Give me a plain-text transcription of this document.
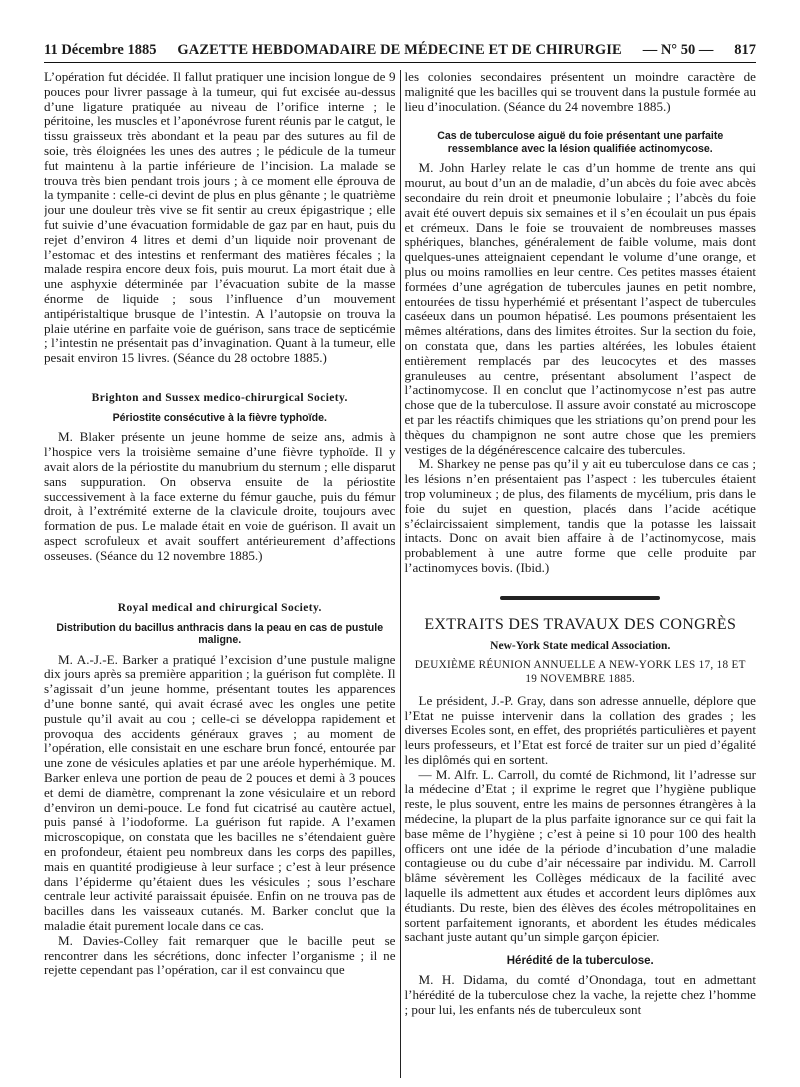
11 Décembre 1885 GAZETTE HEBDOMADAIRE DE MÉDECINE ET DE CHIRURGIE — N° 50 — 817

L’opération fut décidée. Il fallut pratiquer une incision longue de 9 pouces pour livrer passage à la tumeur, qui fut excisée au-dessus d’une ligature pratiquée au niveau de l’orifice interne ; le péritoine, les muscles et l’aponévrose furent réunis par le catgut, le tissu graisseux très abondant et la peau par des sutures au fil de soie, très éloignées les unes des autres ; le pédicule de la tumeur fut maintenu à la partie inférieure de l’incision. La malade se trouva très bien pendant trois jours ; à ce moment elle éprouva de la tympanite : celle-ci devint de plus en plus gênante ; le quatrième jour une douleur très vive se fit sentir au creux épigastrique ; elle fut suivie d’une évacuation formidable de gaz par en haut, puis du rejet d’environ 4 litres et demi d’un liquide noir provenant de l’estomac et des intestins et renfermant des matières fécales ; la malade respira encore deux fois, puis mourut. La mort était due à une asphyxie déterminée par l’évacuation subite de la masse énorme de liquide ; sous l’influence d’un mouvement antipéristaltique brusque de l’intestin. A l’autopsie on trouva la plaie utérine en parfaite voie de guérison, sans trace de septicémie ; l’intestin ne présentait pas d’invagination. Quant à la tumeur, elle pesait environ 15 livres. (Séance du 28 octobre 1885.)

Brighton and Sussex medico-chirurgical Society.
Périostite consécutive à la fièvre typhoïde.

M. Blaker présente un jeune homme de seize ans, admis à l’hospice vers la troisième semaine d’une fièvre typhoïde. Il y avait alors de la périostite du manubrium du sternum ; elle disparut sans suppuration. On observa ensuite de la périostite successivement à la face externe du fémur gauche, puis du fémur droit, à l’extrémité externe de la clavicule droite, toujours avec formation de pus. Le malade était en voie de guérison. Il avait un aspect scrofuleux et avait souffert antérieurement d’affections osseuses. (Séance du 12 novembre 1885.)

Royal medical and chirurgical Society.
Distribution du bacillus anthracis dans la peau en cas de pustule maligne.

M. A.-J.-E. Barker a pratiqué l’excision d’une pustule maligne dix jours après sa première apparition ; la guérison fut complète. Il s’agissait d’un jeune homme, présentant toutes les apparences d’une bonne santé, qui avait écrasé avec les ongles une petite pustule qu’il avait au cou ; celle-ci se développa rapidement et provoqua des accidents généraux graves ; au moment de l’opération, elle consistait en une eschare brun foncé, entourée par une zone de vésicules aplaties et par une aréole hyperhémique. M. Barker enleva une portion de peau de 2 pouces et demi à 3 pouces et demi de diamètre, comprenant la zone vésiculaire et un rebord d’environ un demi-pouce. Le fond fut cicatrisé au cautère actuel, puis pansé à l’iodoforme. La guérison fut rapide. A l’examen microscopique, on constata que les bacilles ne s’étendaient guère en profondeur, étaient peu nombreux dans les corps des papilles, mais en quantité prodigieuse à leur surface ; c’est à leur présence dans l’épiderme qu’étaient dues les vésicules ; sous l’eschare centrale leur activité paraissait épuisée. Enfin on ne trouva pas de bacilles dans les vaisseaux cutanés. M. Barker conclut que la maladie était purement locale dans ce cas.

M. Davies-Colley fait remarquer que le bacille peut se rencontrer dans les sécrétions, donc infecter l’organisme ; il ne rejette cependant pas l’opération, car il est convaincu que

les colonies secondaires présentent un moindre caractère de malignité que les bacilles qui se trouvent dans la pustule formée au lieu d’inoculation. (Séance du 24 novembre 1885.)

Cas de tuberculose aiguë du foie présentant une parfaite ressemblance avec la lésion qualifiée actinomycose.

M. John Harley relate le cas d’un homme de trente ans qui mourut, au bout d’un an de maladie, d’un abcès du foie avec abcès secondaire du rein droit et pneumonie lobulaire ; l’abcès du foie avait été ouvert depuis six semaines et il s’en écoulait un pus épais et crémeux. Dans le foie se trouvaient de nombreuses masses sphériques, blanches, généralement de faible volume, mais dont quelques-unes atteignaient cependant le volume d’une orange, et plus ou moins ramollies en leur centre. Ces petites masses étaient formées d’une agrégation de tubercules jaunes en petit nombre, entourées de tissu hyperhémié et présentant l’aspect de tubercules caséeux dans un poumon hépatisé. Les poumons présentaient les mêmes altérations, dans des limites étroites. Sur la section du foie, on constata que, dans les parties altérées, les lobules étaient entièrement remplacés par des leucocytes et des masses granuleuses au centre, présentant absolument l’aspect de l’actinomycose. Il en conclut que l’actinomycose n’est pas autre chose que de la tuberculose. Il assure avoir constaté au microscope et par les réactifs chimiques que les striations qu’on prend pour les thèques du champignon ne sont autre chose que les premiers vestiges de la dégénérescence calcaire des tubercules.

M. Sharkey ne pense pas qu’il y ait eu tuberculose dans ce cas ; les lésions n’en présentaient pas l’aspect : les tubercules étaient trop volumineux ; de plus, des filaments de mycélium, pris dans le foie du sujet en question, placés dans l’acide acétique s’éclaircissaient simplement, tandis que la potasse les laissait intacts. Donc on avait bien affaire à de l’actinomycose, mais probablement à une autre forme que celle produite par l’actinomyces bovis. (Ibid.)

EXTRAITS DES TRAVAUX DES CONGRÈS
New-York State medical Association.
DEUXIÈME RÉUNION ANNUELLE A NEW-YORK LES 17, 18 ET 19 NOVEMBRE 1885.

Le président, J.-P. Gray, dans son adresse annuelle, déplore que l’Etat ne puisse intervenir dans la collation des grades ; les diverses Ecoles sont, en effet, des propriétés particulières et payent leurs professeurs, et l’Etat est forcé de traiter sur un pied d’égalité les diplômés qui en sortent.

— M. Alfr. L. Carroll, du comté de Richmond, lit l’adresse sur la médecine d’Etat ; il exprime le regret que l’hygiène publique reste, le plus souvent, entre les mains de personnes étrangères à la médecine, la plupart de la plus parfaite ignorance sur ce qui fait la base même de l’hygiène ; c’est à peine si 10 pour 100 des health officers ont une idée de la période d’incubation d’une maladie contagieuse ou du cube d’air nécessaire par individu. M. Carroll blâme sévèrement les Collèges médicaux de la facilité avec laquelle ils admettent aux études et accordent leurs diplômes aux étudiants. Du reste, bien des élèves des écoles métropolitaines en sortent parfaitement ignorants, et abordent les études médicales sachant juste autant qu’un simple garçon épicier.

Hérédité de la tuberculose.

M. H. Didama, du comté d’Onondaga, tout en admettant l’hérédité de la tuberculose chez la vache, la rejette chez l’homme ; pour lui, les enfants nés de tuberculeux sont
